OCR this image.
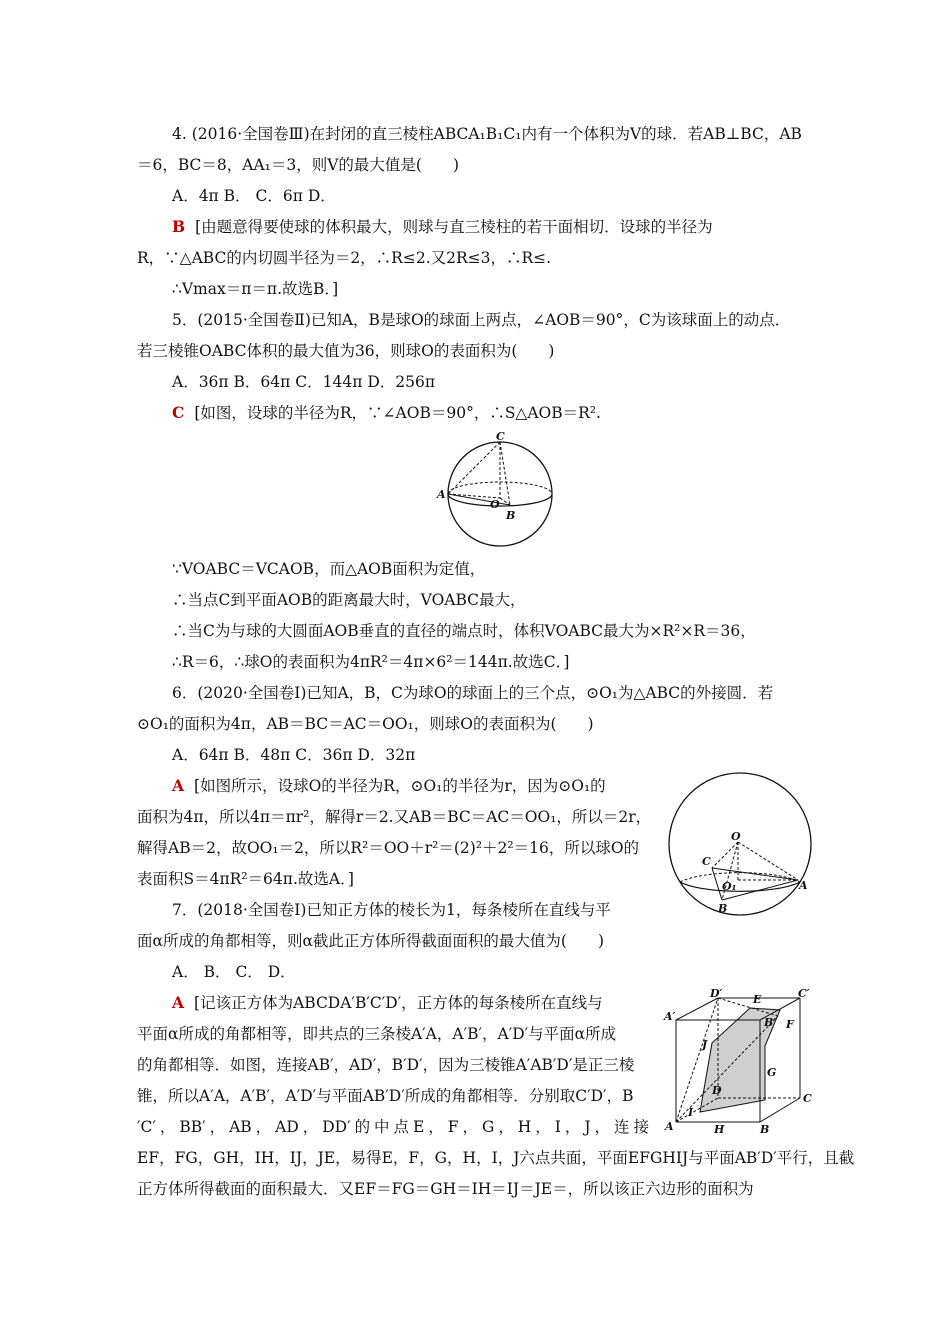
4. (2016·全国卷Ⅲ)在封闭的直三棱柱ABCA₁B₁C₁内有一个体积为V的球．若AB⊥BC，AB
＝6，BC＝8，AA₁＝3，则V的最大值是(　　)
A．4π B． C．6π D．
B [由题意得要使球的体积最大，则球与直三棱柱的若干面相切．设球的半径为
R，∵△ABC的内切圆半径为＝2，∴R≤2.又2R≤3，∴R≤.
∴Vmax＝π＝π.故选B．]
5．(2015·全国卷Ⅱ)已知A，B是球O的球面上两点，∠AOB＝90°，C为该球面上的动点．
若三棱锥OABC体积的最大值为36，则球O的表面积为(　　)
A．36π B．64π C．144π D．256π
C [如图，设球的半径为R，∵∠AOB＝90°，∴S△AOB＝R².
C
A
O
B
∵VOABC＝VCAOB，而△AOB面积为定值，
∴当点C到平面AOB的距离最大时，VOABC最大，
∴当C为与球的大圆面AOB垂直的直径的端点时，体积VOABC最大为×R²×R＝36，
∴R＝6，∴球O的表面积为4πR²＝4π×6²＝144π.故选C．]
6．(2020·全国卷Ⅰ)已知A，B，C为球O的球面上的三个点，⊙O₁为△ABC的外接圆．若
⊙O₁的面积为4π，AB＝BC＝AC＝OO₁，则球O的表面积为(　　)
A．64π B．48π C．36π D．32π
A [如图所示，设球O的半径为R，⊙O₁的半径为r，因为⊙O₁的
面积为4π，所以4π＝πr²，解得r＝2.又AB＝BC＝AC＝OO₁，所以＝2r，
解得AB＝2，故OO₁＝2，所以R²＝OO＋r²＝(2)²＋2²＝16，所以球O的
表面积S＝4πR²＝64π.故选A．]
O
C
O₁	A
B
7．(2018·全国卷Ⅰ)已知正方体的棱长为1，每条棱所在直线与平
面α所成的角都相等，则α截此正方体所得截面面积的最大值为(　　)
A． B． C． D．
A [记该正方体为ABCDA′B′C′D′，正方体的每条棱所在直线与
平面α所成的角都相等，即共点的三条棱A′A，A′B′，A′D′与平面α所成
的角都相等．如图，连接AB′，AD′，B′D′，因为三棱锥A′AB′D′是正三棱
锥，所以A′A，A′B′，A′D′与平面AB′D′所成的角都相等．分别取C′D′，B
′C′，BB′，AB，AD，DD′的中点E，F，G，H，I，J，连接
EF，FG，GH，IH，IJ，JE，易得E，F，G，H，I，J六点共面，平面EFGHIJ与平面AB′D′平行，且截
正方体所得截面的面积最大．又EF＝FG＝GH＝IH＝IJ＝JE＝，所以该正六边形的面积为
D′	E	C′
A′
F
B′
J
G
D
C
I
A	H	B
